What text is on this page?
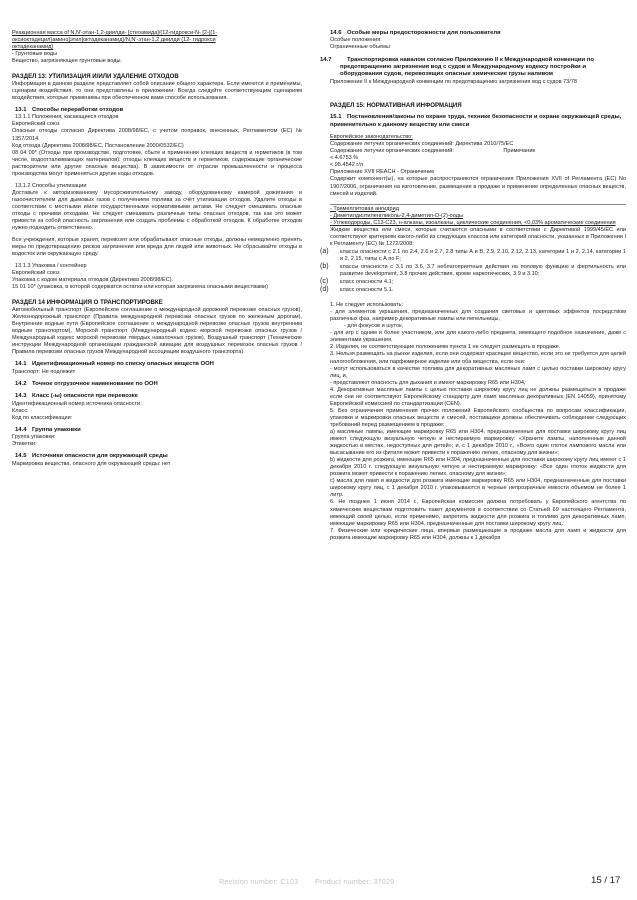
Реакционная масса of N,N'-этан-1,2-диилди- [стеоамида]/(12-гидрокси-N- [2-[(1-

оксиоктадецил)амино]этил]октадеканамид)/N,N'-этан-1,2 диилди (12- гидрокси

октадеканамид)

- Грунтовые воды

Вещество, загрязняющее грунтовые воды.

РАЗДЕЛ 13: УТИЛИЗАЦИЯ И/ИЛИ УДАЛЕНИЕ ОТХОДОВ

Информация в данном разделе представляет собой описание общего характера. Если имеются и применимы, сценарии воздействия, то они представлены в приложении. Всегда следуйте соответствующим сценариям воздействия, которые применимы при обеспеченном вами способе использования.

13.1 Способы переработки отходов

13.1.1 Положения, касающиеся отходов

Европейский союз

Опасные отходы согласно Директива 2008/98/ЕС, с учетом поправок, внесенных, Регламентом (ЕС) № 1357/2014

Код отхода (Директива 2008/98/ЕС, Постановление 2000/0532/ЕС)

08 04 09* (Отходы при производстве, подготовке, сбыте и применении клеящих веществ и герметиков (в том числе, водоотталкивающих материалов): отходы клеящих веществ и герметиков, содержащие органические растворители или другие опасные вещества). В зависимости от отрасли промышленности и процесса производства могут применяться другие коды отходов.

13.1.2 Способы утилизации

Доставьте к авторизованному мусорсжигательному заводу, оборудованному камерой дожигания и газоочистителем для дымовых газов с получением топлива за счёт утилизации отходов. Удалите отходы в соответствии с местными и/или государственными нормативными актами. Не следует смешивать опасные отходы с прочими отходами. Не следует смешивать различные типы опасных отходов, так как это может привести за собой опасность загрязнения или создать проблемы с обработкой отходов. К обработке отходов нужно подходить ответственно.

Все учреждения, которые хранят, перевозят или обрабатывают опасные отходы, должны немедленно принять меры по предотвращению рисков загрязнения или вреда для людей или животных. Не сбрасывайте отходы в водосток или окружающую среду.

13.1.3 Упаковка / контейнер

Европейский союз

Упаковка с кодом материала отходов (Директива 2008/98/ЕС).

15 01 10* (упаковка, в которой содержатся остатки или которая загрязнена опасными веществами)

РАЗДЕЛ 14 ИНФОРМАЦИЯ О ТРАНСПОРТИРОВКЕ

Автомобильный транспорт (Европейское соглашение о международной дорожной перевозке опасных грузов), Железнодорожный транспорт (Правила международной перевозки опасных грузов по железным дорогам), Внутренние водные пути (Европейское соглашение о международной перевозке опасных грузов внутренним водным транспортом), Морской транспорт (Международный кодекс морской перевозки опасных грузов / Международный кодекс морской перевозки твердых навалочных грузов), Воздушный транспорт (Технические инструкции Международной организации гражданской авиации для воздушных перевозок опасных грузов / Правила перевозки опасных грузов Международной ассоциации воздушного транспорта)

14.1 Идентификационный номер по списку опасных веществ ООН

Транспорт: Не подлежит

14.2 Точное отгрузочное наименование по ООН

14.3 Класс (-ы) опасности при перевозке

Идентификационный номер источника опасности:

Класс:

Код по классификации:

14.4 Группа упаковки

Группа упаковки:

Этикетки:

14.5 Источники опасности для окружающей среды

Маркировка вещества, опасного для окружающей среды: нет

14.6 Особые меры предосторожности для пользователя

Особые положения:

Ограниченные объемы

14.7	Транспортировка навалом согласно Приложению II к Международной конвенции по предотвращению загрязнения вод с судов и Международному кодексу постройки и оборудования судов, перевозящих опасные химические грузы наливом

Приложение II к Международной конвенции по предотвращению загрязнения вод с судов 73/78

РАЗДЕЛ 15: НОРМАТИВНАЯ ИНФОРМАЦИЯ

15.1 Постановления/законы по охране труда, технике безопасности и охране окружающей среды, применительно к данному веществу или смеси

Европейское законодательство:

Содержание летучих органических соединений: Директива 2010/75/ЕС

Содержание летучих органических соединений:	Примечание

< 4.6753 %

< 95.4542 г/л

Приложение XVII REACH - Ограничение

Содержит компонент(ы), на которые распространяются ограничения Приложения XVII of Регламента (ЕС) No 1907/2006, ограничения на изготовление, размещение в продаже и применение определенных опасных веществ, смесей и изделий.

- Тримеллитовая ангидрид

- Диметилдиэтиленгликоль-2,4-диметил-О-(2)-ооды

- Углеводороды, С13-С23, н-алканы, изоалканы, циклические соединения, <0,03% ароматические соединения

Жидкие вещества или смеси, которые считаются опасными в соответствии с Директивой 1999/45/ЕС или соответствуют критериям какого-либо из следующих классов или категорий опасности, указанных в Приложении I к Регламенту (ЕС) № 1272/2008:

(a) классы опасности с 2.1 по 2.4, 2.6 и 2.7, 2.8 типы А и В, 2.9, 2.10, 2.12, 2.13, категории 1 и 2, 2.14, категории 1 и 2, 2.15, типы с А по F;

(b) классы опасности с 3.1 по 3.6, 3.7 неблагоприятные действия на половую функцию и фертильность или развитие development, 3.8 прочие действия, кроме наркотических, 3.9 и 3.10;

(c) класс опасности 4.1;

(d) класс опасности 5.1.

1. Не следует использовать:

- для элементов украшения, предназначенных для создания световых и цветовых эффектов посредством различных фаз, например декоративные лампы или пепельницы,

- для фокусов и шуток,

- для игр с одним и более участником, или для какого-либо предмета, имеющего подобное назначение, даже с элементами украшения.

2. Изделия, не соответствующие положениям пункта 1 не следует размещать в продаже.

3. Нельзя размещать на рынке изделия, если они содержат красящее вещество, если это не требуется для целей налогообложения, или парфюмерное изделие или оба вещества, если они:

- могут использоваться в качестве топлива для декоративных масляных ламп с целью поставки широкому кругу лиц, и,

- представляют опасность для дыхания и имеют маркировку R65 или H304,

4. Декоративные масляные лампы с целью поставки широкому кругу лиц не должны размещаться в продаже если они не соответствуют Европейскому стандарту для ламп масляных декоративных (EN 14059), принятому Европейской комиссией по стандартизации (CEN).

5. Без ограничения применения прочих положений Европейского сообщества по вопросам классификации, упаковки и маркировки опасных веществ и смесей, поставщики должны обеспечивать соблюдение следующих требований перед размещением в продаже:

a) масляные лампы, имеющие маркировку R65 или H304, предназначенные для поставки широкому кругу лиц имеют следующую визуальную четкую и нестираемую маркировку: «Храните лампы, наполненные данной жидкостью в местах, недоступных для детей»; и, с 1 декабря 2010 г., «Всего один глоток лампового масла или высасывание его из фитиля может привести к поражению легких, опасному для жизни»;

b) жидкости для розжига, имеющие R65 или H304, предназначенные для поставки широкому кругу лиц имеют с 1 декабря 2010 г. следующую визуальную четкую и нестираемую маркировку: «Все один глоток жидкости для розжига может привести к поражению легких, опасному для жизни»;

c) масла для ламп и жидкости для розжига имеющие маркировку R65 или H304, предназначенные для поставки широкому кругу лиц, с 1 декабря 2010 г. упаковываются в черные непрозрачные емкости объемом не более 1 литр.

6. Не позднее 1 июня 2014 г., Европейская комиссия должна потребовать у Европейского агентства по химическим веществам подготовить пакет документов в соответствии со Статьей 69 настоящего Регламента, имеющий своей целью, если применимо, запретить жидкости для розжига и топливо для декоративных ламп, имеющие маркировку R65 или H304, предназначенные для поставки широкому кругу лиц.

7. Физические или юридические лица, впервые размещающие в продаже масла для ламп и жидкости для розжига имеющие маркировку R65 или H304, должны к 1 декабря

Revision number: C103 Product number: 37029	15 / 17
